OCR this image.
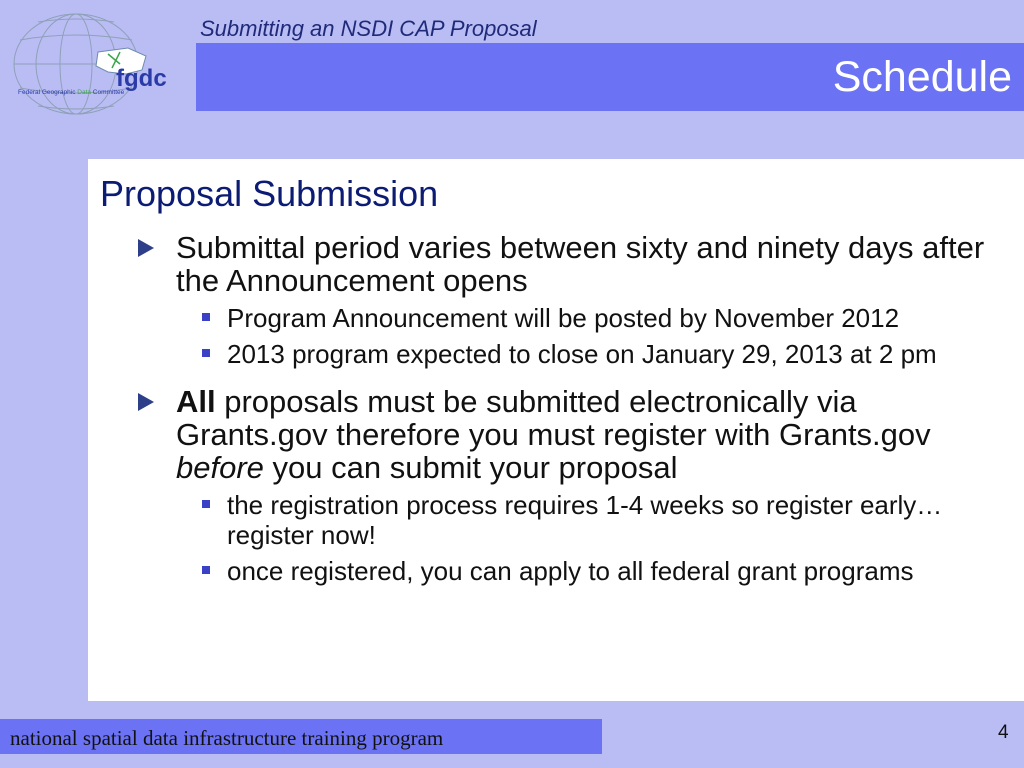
fgdc
Federal Geographic Data Committee
Submitting an NSDI CAP Proposal
Schedule
Proposal Submission
Submittal period varies between sixty and ninety days after the Announcement opens
Program Announcement will be posted by November 2012
2013 program expected to close on January 29, 2013 at 2 pm
All proposals must be submitted electronically via Grants.gov therefore you must register with Grants.gov before you can submit your proposal
the registration process requires 1-4 weeks so register early… register now!
once registered, you can apply to all federal grant programs
national spatial data infrastructure training program	4
